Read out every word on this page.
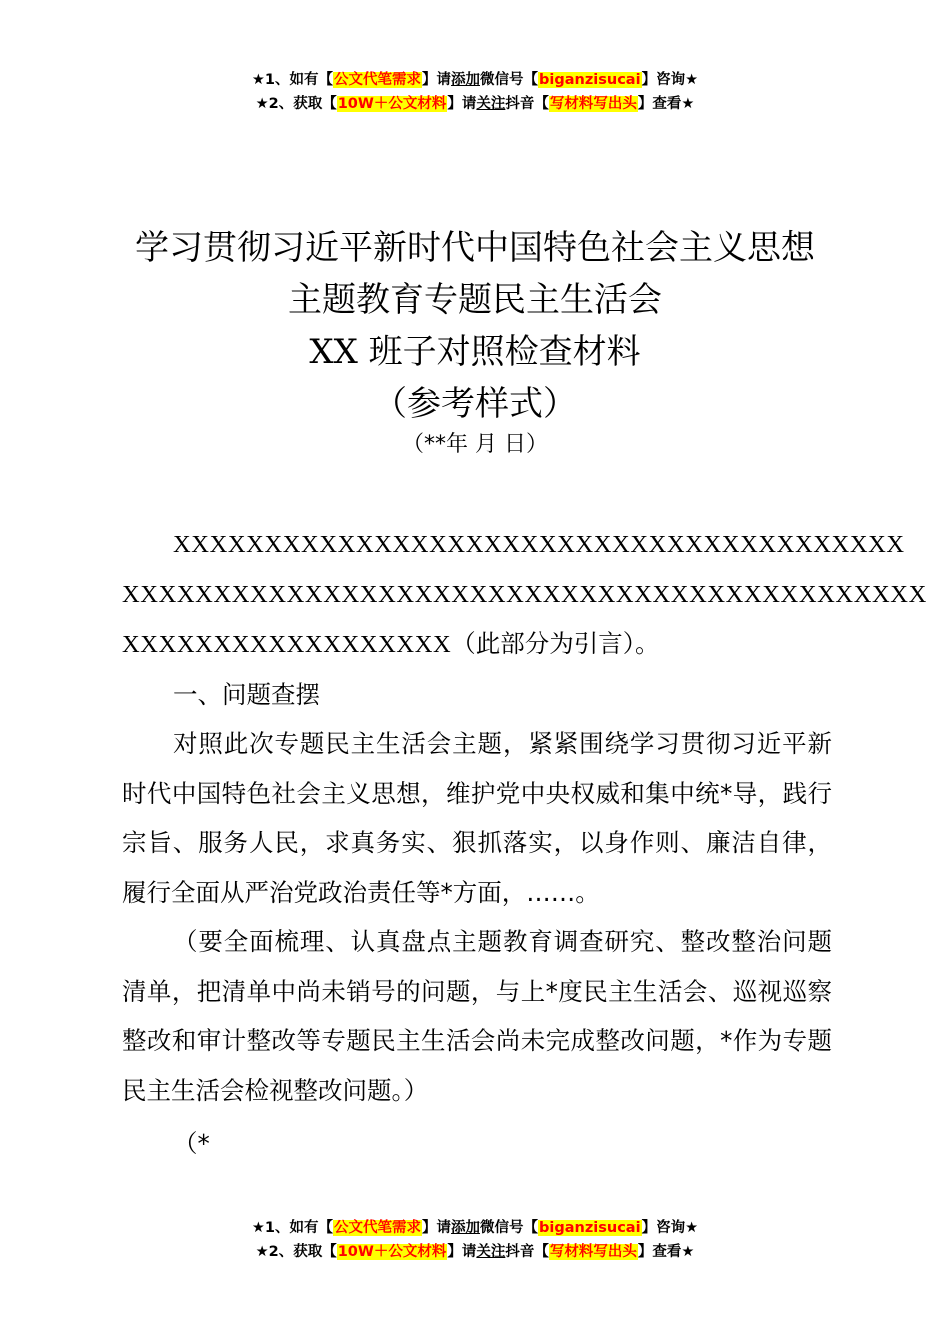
★1、如有【公文代笔需求】请添加微信号【biganzisucai】咨询★
★2、获取【10W＋公文材料】请关注抖音【写材料写出头】查看★
学习贯彻习近平新时代中国特色社会主义思想
主题教育专题民主生活会
XX 班子对照检查材料
（参考样式）
（**年 月 日）

XXXXXXXXXXXXXXXXXXXXXXXXXXXXXXXXXXXXXXXX
XXXXXXXXXXXXXXXXXXXXXXXXXXXXXXXXXXXXXXXXXXXX
XXXXXXXXXXXXXXXXXX（此部分为引言）。

一、问题查摆

对照此次专题民主生活会主题，紧紧围绕学习贯彻习近平新时代中国特色社会主义思想，维护党中央权威和集中统*导，践行宗旨、服务人民，求真务实、狠抓落实，以身作则、廉洁自律，履行全面从严治党政治责任等*方面，……。

（要全面梳理、认真盘点主题教育调查研究、整改整治问题清单，把清单中尚未销号的问题，与上*度民主生活会、巡视巡察整改和审计整改等专题民主生活会尚未完成整改问题，*作为专题民主生活会检视整改问题。）

（*

★1、如有【公文代笔需求】请添加微信号【biganzisucai】咨询★
★2、获取【10W＋公文材料】请关注抖音【写材料写出头】查看★
